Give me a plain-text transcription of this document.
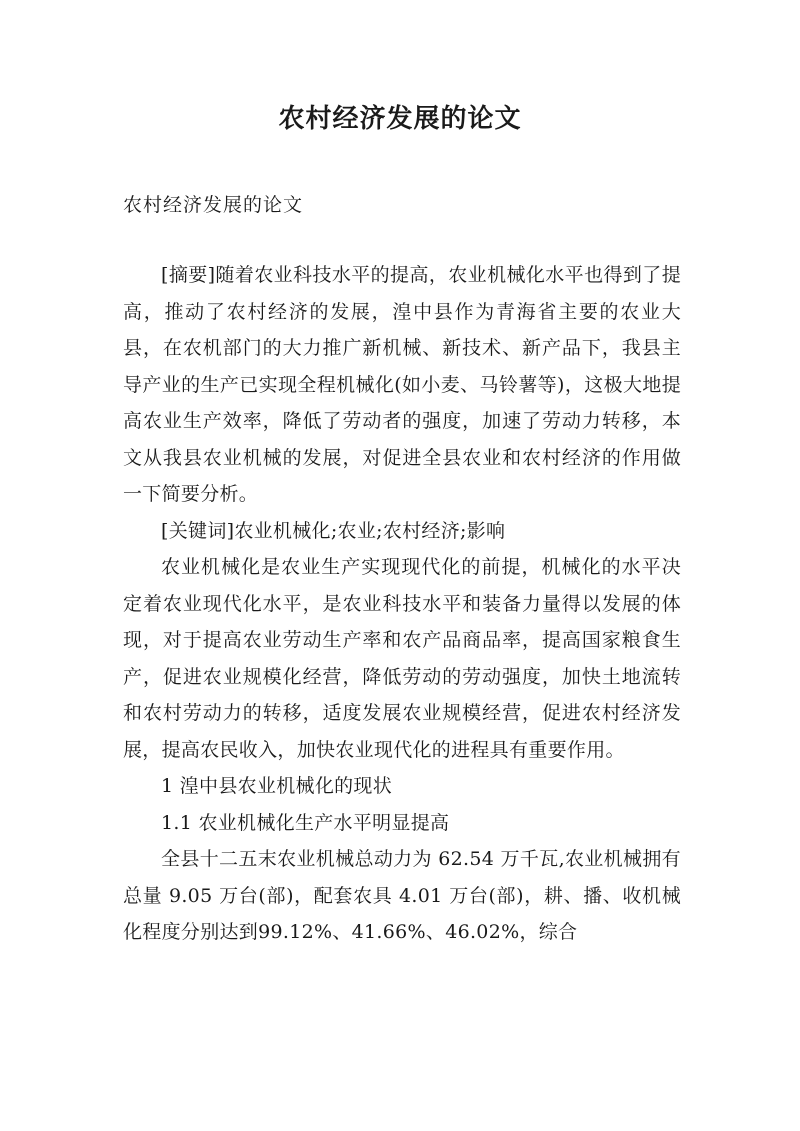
农村经济发展的论文

农村经济发展的论文

[摘要]随着农业科技水平的提高，农业机械化水平也得到了提高，推动了农村经济的发展，湟中县作为青海省主要的农业大县，在农机部门的大力推广新机械、新技术、新产品下，我县主导产业的生产已实现全程机械化(如小麦、马铃薯等)，这极大地提高农业生产效率，降低了劳动者的强度，加速了劳动力转移，本文从我县农业机械的发展，对促进全县农业和农村经济的作用做一下简要分析。

[关键词]农业机械化;农业;农村经济;影响

农业机械化是农业生产实现现代化的前提，机械化的水平决定着农业现代化水平，是农业科技水平和装备力量得以发展的体现，对于提高农业劳动生产率和农产品商品率，提高国家粮食生产，促进农业规模化经营，降低劳动的劳动强度，加快土地流转和农村劳动力的转移，适度发展农业规模经营，促进农村经济发展，提高农民收入，加快农业现代化的进程具有重要作用。

1 湟中县农业机械化的现状

1.1 农业机械化生产水平明显提高

全县十二五末农业机械总动力为 62.54 万千瓦,农业机械拥有总量 9.05 万台(部)，配套农具 4.01 万台(部)，耕、播、收机械化程度分别达到99.12%、41.66%、46.02%，综合
